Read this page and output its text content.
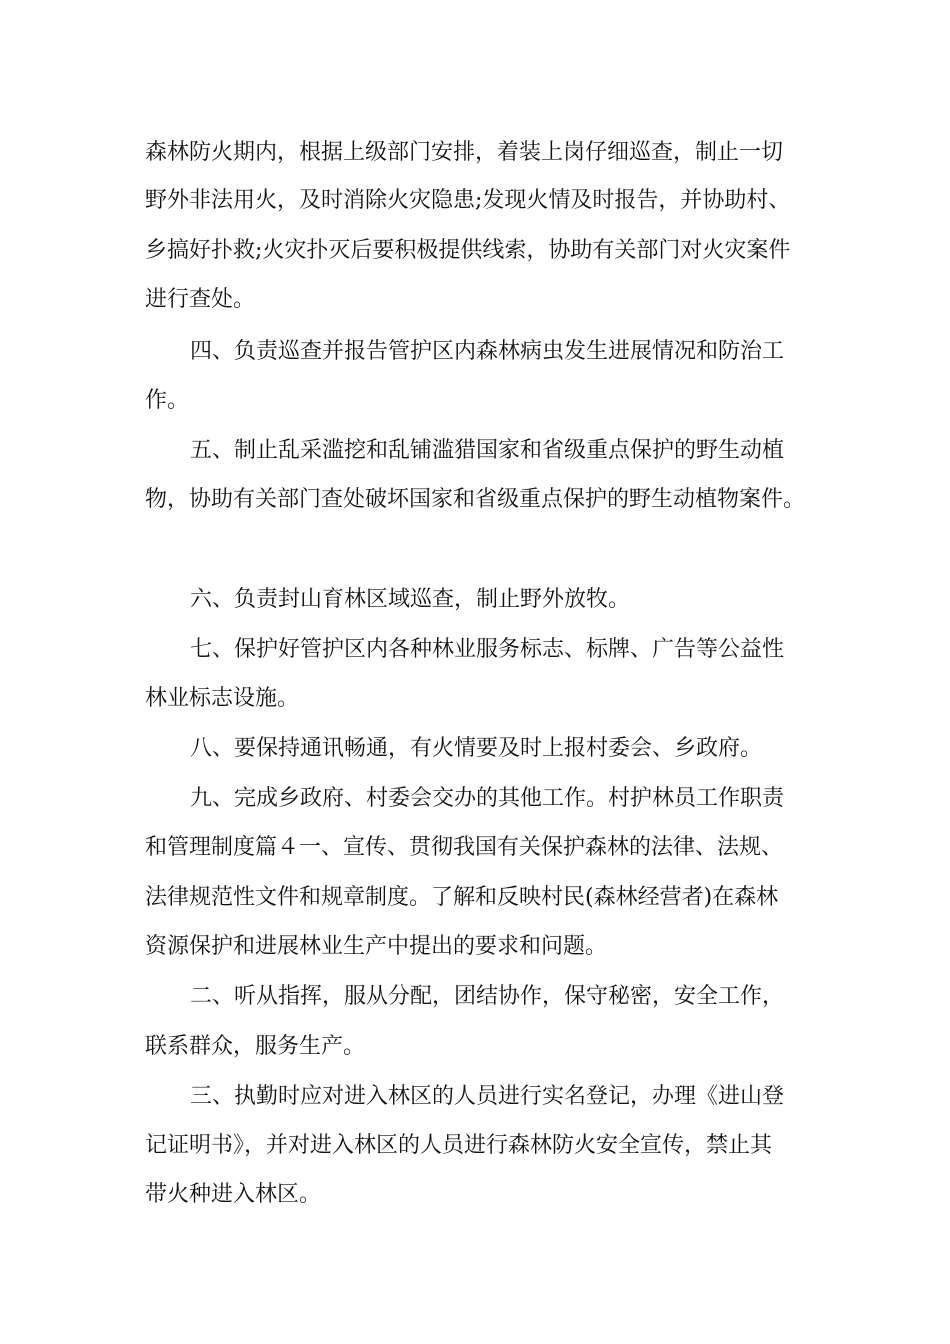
森林防火期内，根据上级部门安排，着装上岗仔细巡查，制止一切
野外非法用火，及时消除火灾隐患;发现火情及时报告，并协助村、
乡搞好扑救;火灾扑灭后要积极提供线索，协助有关部门对火灾案件
进行查处。
四、负责巡查并报告管护区内森林病虫发生进展情况和防治工
作。
五、制止乱采滥挖和乱铺滥猎国家和省级重点保护的野生动植
物，协助有关部门查处破坏国家和省级重点保护的野生动植物案件。
六、负责封山育林区域巡查，制止野外放牧。
七、保护好管护区内各种林业服务标志、标牌、广告等公益性
林业标志设施。
八、要保持通讯畅通，有火情要及时上报村委会、乡政府。
九、完成乡政府、村委会交办的其他工作。村护林员工作职责
和管理制度篇４一、宣传、贯彻我国有关保护森林的法律、法规、
法律规范性文件和规章制度。了解和反映村民(森林经营者)在森林
资源保护和进展林业生产中提出的要求和问题。
二、听从指挥，服从分配，团结协作，保守秘密，安全工作，
联系群众，服务生产。
三、执勤时应对进入林区的人员进行实名登记，办理《进山登
记证明书》，并对进入林区的人员进行森林防火安全宣传，禁止其
带火种进入林区。
